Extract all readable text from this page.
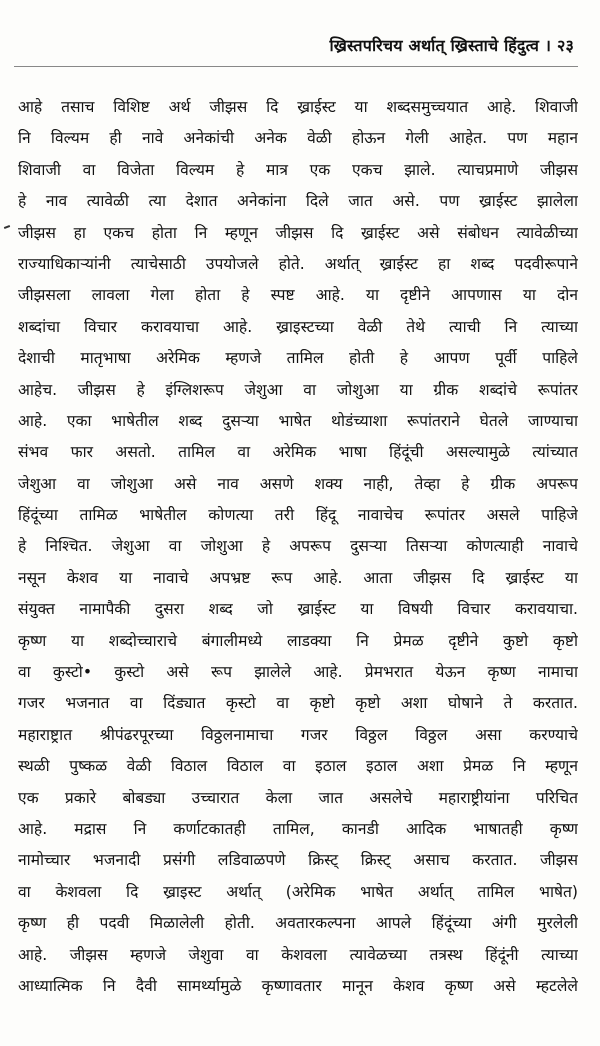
ख्रिस्तपरिचय अर्थात् ख्रिस्ताचे हिंदुत्व । २३
आहे तसाच विशिष्ट अर्थ जीझस दि ख्राईस्ट या शब्दसमुच्चयात आहे. शिवाजी
नि विल्यम ही नावे अनेकांची अनेक वेळी होऊन गेली आहेत. पण महान
शिवाजी वा विजेता विल्यम हे मात्र एक एकच झाले. त्याचप्रमाणे जीझस
हे नाव त्यावेळी त्या देशात अनेकांना दिले जात असे. पण ख्राईस्ट झालेला
जीझस हा एकच होता नि म्हणून जीझस दि ख्राईस्ट असे संबोधन त्यावेळीच्या
राज्याधिकाऱ्यांनी त्याचेसाठी उपयोजले होते. अर्थात् ख्राईस्ट हा शब्द पदवीरूपाने
जीझसला लावला गेला होता हे स्पष्ट आहे. या दृष्टीने आपणास या दोन
शब्दांचा विचार करावयाचा आहे. ख्राइस्टच्या वेळी तेथे त्याची नि त्याच्या
देशाची मातृभाषा अरेमिक म्हणजे तामिल होती हे आपण पूर्वी पाहिले
आहेच. जीझस हे इंग्लिशरूप जेशुआ वा जोशुआ या ग्रीक शब्दांचे रूपांतर
आहे. एका भाषेतील शब्द दुसऱ्या भाषेत थोडंच्याशा रूपांतराने घेतले जाण्याचा
संभव फार असतो. तामिल वा अरेमिक भाषा हिंदूंची असल्यामुळे त्यांच्यात
जेशुआ वा जोशुआ असे नाव असणे शक्य नाही, तेव्हा हे ग्रीक अपरूप
हिंदूंच्या तामिळ भाषेतील कोणत्या तरी हिंदू नावाचेच रूपांतर असले पाहिजे
हे निश्चित. जेशुआ वा जोशुआ हे अपरूप दुसऱ्या तिसऱ्या कोणत्याही नावाचे
नसून केशव या नावाचे अपभ्रष्ट रूप आहे. आता जीझस दि ख्राईस्ट या
संयुक्त नामापैकी दुसरा शब्द जो ख्राईस्ट या विषयी विचार करावयाचा.
कृष्ण या शब्दोच्चाराचे बंगालीमध्ये लाडक्या नि प्रेमळ दृष्टीने कुष्टो कृष्टो
वा कुस्टो• कुस्टो असे रूप झालेले आहे. प्रेमभरात येऊन कृष्ण नामाचा
गजर भजनात वा दिंड्यात कृस्टो वा कृष्टो कृष्टो अशा घोषाने ते करतात.
महाराष्ट्रात श्रीपंढरपूरच्या विठ्ठलनामाचा गजर विठ्ठल विठ्ठल असा करण्याचे
स्थळी पुष्कळ वेळी विठाल विठाल वा इठाल इठाल अशा प्रेमळ नि म्हणून
एक प्रकारे बोबड्या उच्चारात केला जात असलेचे महाराष्ट्रीयांना परिचित
आहे. मद्रास नि कर्णाटकातही तामिल, कानडी आदिक भाषातही कृष्ण
नामोच्चार भजनादी प्रसंगी लडिवाळपणे क्रिस्ट् क्रिस्ट् असाच करतात. जीझस
वा केशवला दि ख्राइस्ट अर्थात् (अरेमिक भाषेत अर्थात् तामिल भाषेत)
कृष्ण ही पदवी मिळालेली होती. अवतारकल्पना आपले हिंदूंच्या अंगी मुरलेली
आहे. जीझस म्हणजे जेशुवा वा केशवला त्यावेळच्या तत्रस्थ हिंदूंनी त्याच्या
आध्यात्मिक नि दैवी सामर्थ्यामुळे कृष्णावतार मानून केशव कृष्ण असे म्हटलेले
